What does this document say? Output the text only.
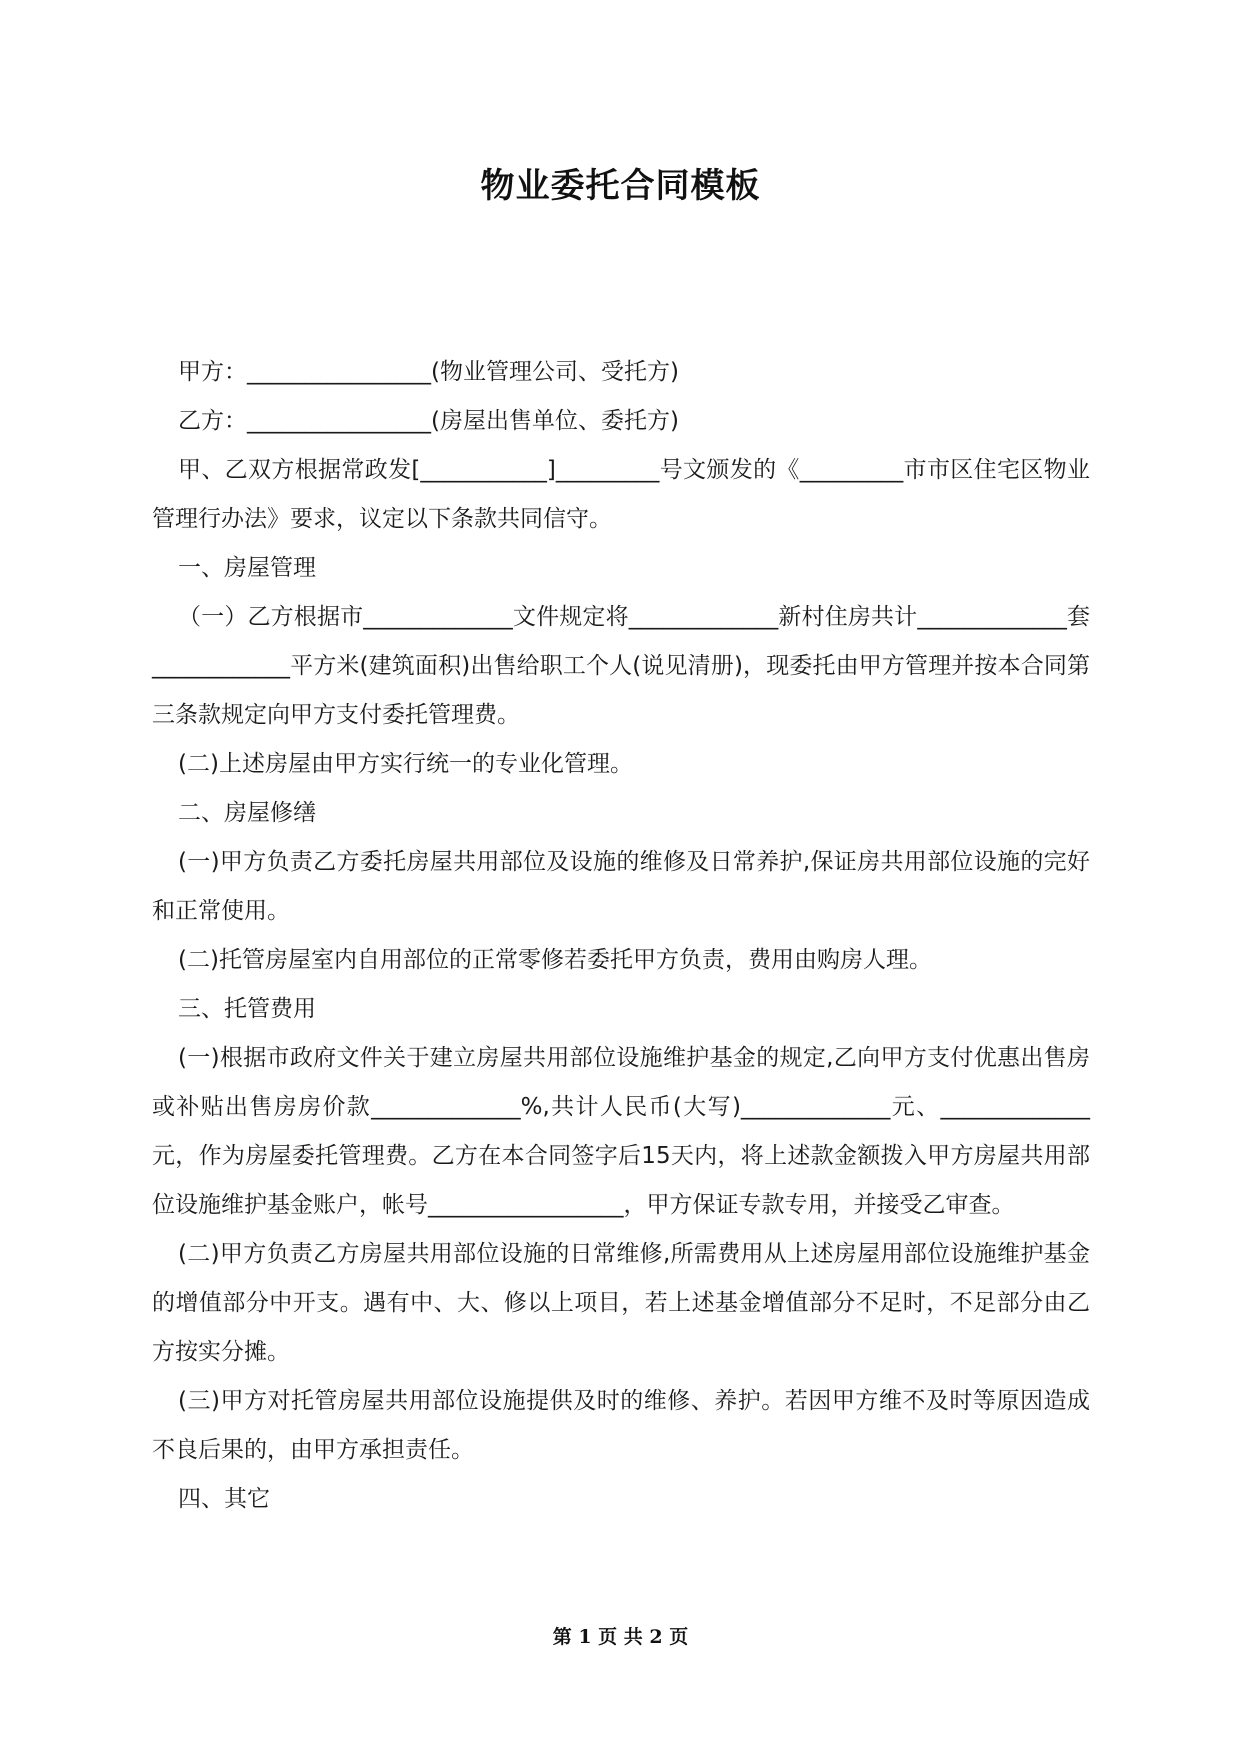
物业委托合同模板

甲方：________________(物业管理公司、受托方)

乙方：________________(房屋出售单位、委托方)

甲、乙双方根据常政发[___________]_________号文颁发的《_________市市区住宅区物业管理行办法》要求，议定以下条款共同信守。

一、房屋管理

（一）乙方根据市_____________文件规定将_____________新村住房共计_____________套____________平方米(建筑面积)出售给职工个人(说见清册)，现委托由甲方管理并按本合同第三条款规定向甲方支付委托管理费。

(二)上述房屋由甲方实行统一的专业化管理。

二、房屋修缮

(一)甲方负责乙方委托房屋共用部位及设施的维修及日常养护,保证房共用部位设施的完好和正常使用。

(二)托管房屋室内自用部位的正常零修若委托甲方负责，费用由购房人理。

三、托管费用

(一)根据市政府文件关于建立房屋共用部位设施维护基金的规定,乙向甲方支付优惠出售房或补贴出售房房价款_____________%,共计人民币(大写)_____________元、_____________元，作为房屋委托管理费。乙方在本合同签字后15天内，将上述款金额拨入甲方房屋共用部位设施维护基金账户，帐号_________________，甲方保证专款专用，并接受乙审查。

(二)甲方负责乙方房屋共用部位设施的日常维修,所需费用从上述房屋用部位设施维护基金的增值部分中开支。遇有中、大、修以上项目，若上述基金增值部分不足时，不足部分由乙方按实分摊。

(三)甲方对托管房屋共用部位设施提供及时的维修、养护。若因甲方维不及时等原因造成不良后果的，由甲方承担责任。

四、其它

第 1 页 共 2 页
